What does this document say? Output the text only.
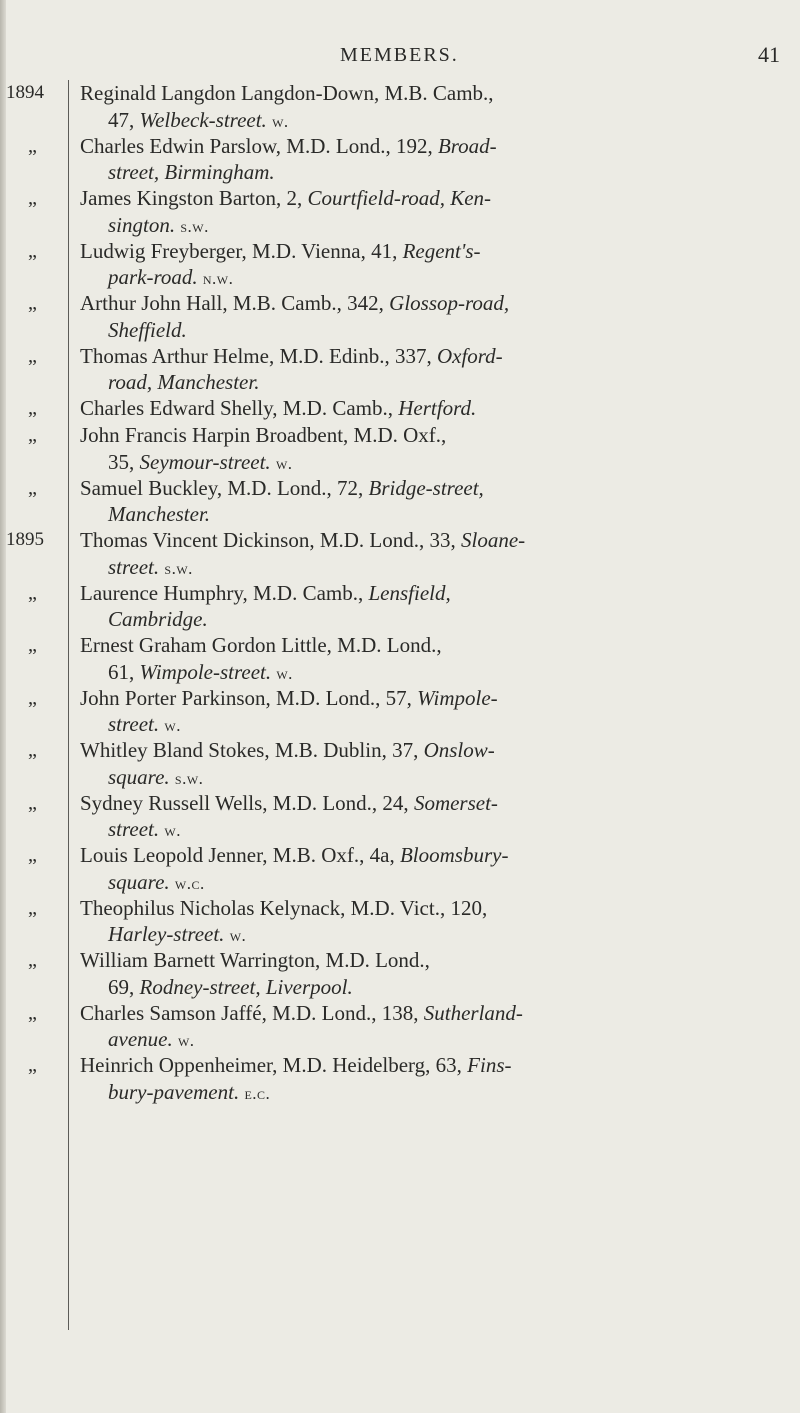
MEMBERS.	41
1894	Reginald Langdon Langdon-Down, M.B. Camb.,
47, Welbeck-street. w.
„	Charles Edwin Parslow, M.D. Lond., 192, Broad-
street, Birmingham.
„	James Kingston Barton, 2, Courtfield-road, Ken-
sington. s.w.
„	Ludwig Freyberger, M.D. Vienna, 41, Regent's-
park-road. n.w.
„	Arthur John Hall, M.B. Camb., 342, Glossop-road,
Sheffield.
„	Thomas Arthur Helme, M.D. Edinb., 337, Oxford-
road, Manchester.
„	Charles Edward Shelly, M.D. Camb., Hertford.
„	John Francis Harpin Broadbent, M.D. Oxf.,
35, Seymour-street. w.
„	Samuel Buckley, M.D. Lond., 72, Bridge-street,
Manchester.
1895	Thomas Vincent Dickinson, M.D. Lond., 33, Sloane-
street. s.w.
„	Laurence Humphry, M.D. Camb., Lensfield,
Cambridge.
„	Ernest Graham Gordon Little, M.D. Lond.,
61, Wimpole-street. w.
„	John Porter Parkinson, M.D. Lond., 57, Wimpole-
street. w.
„	Whitley Bland Stokes, M.B. Dublin, 37, Onslow-
square. s.w.
„	Sydney Russell Wells, M.D. Lond., 24, Somerset-
street. w.
„	Louis Leopold Jenner, M.B. Oxf., 4a, Bloomsbury-
square. w.c.
„	Theophilus Nicholas Kelynack, M.D. Vict., 120,
Harley-street. w.
„	William Barnett Warrington, M.D. Lond.,
69, Rodney-street, Liverpool.
„	Charles Samson Jaffé, M.D. Lond., 138, Sutherland-
avenue. w.
„	Heinrich Oppenheimer, M.D. Heidelberg, 63, Fins-
bury-pavement. e.c.
